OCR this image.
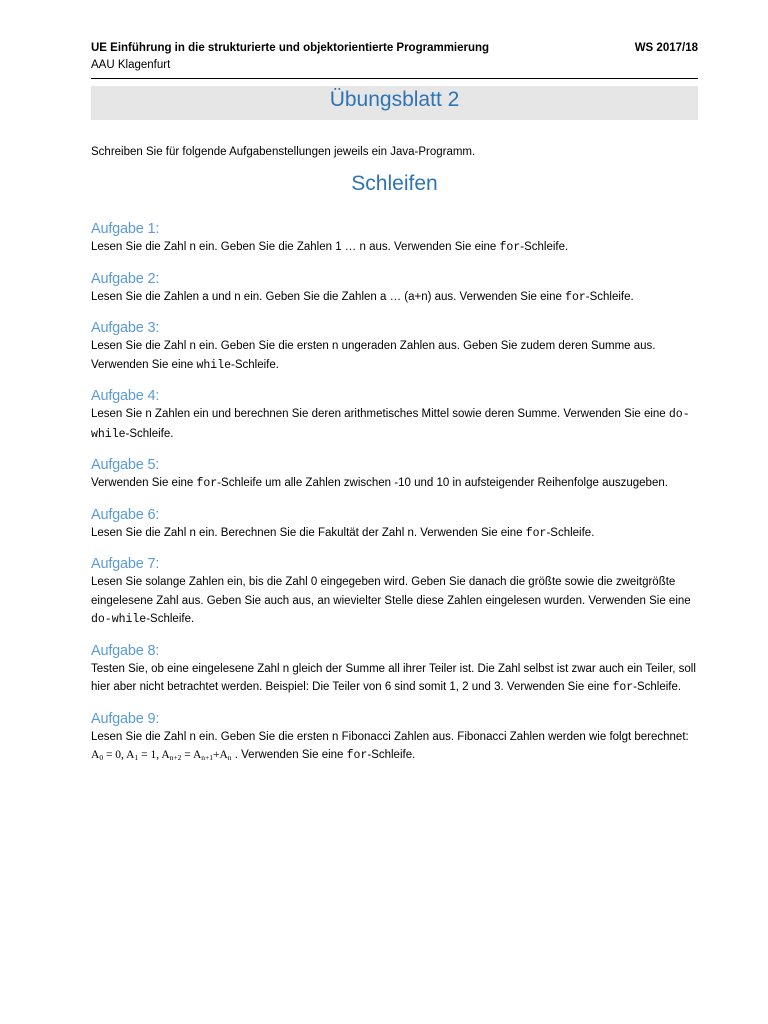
UE Einführung in die strukturierte und objektorientierte Programmierung	WS 2017/18
AAU Klagenfurt
Übungsblatt 2
Schreiben Sie für folgende Aufgabenstellungen jeweils ein Java-Programm.
Schleifen
Aufgabe 1:

Lesen Sie die Zahl n ein. Geben Sie die Zahlen 1 … n aus. Verwenden Sie eine for-Schleife.

Aufgabe 2:

Lesen Sie die Zahlen a und n ein. Geben Sie die Zahlen a … (a+n) aus. Verwenden Sie eine for-Schleife.

Aufgabe 3:

Lesen Sie die Zahl n ein. Geben Sie die ersten n ungeraden Zahlen aus. Geben Sie zudem deren Summe aus. Verwenden Sie eine while-Schleife.

Aufgabe 4:

Lesen Sie n Zahlen ein und berechnen Sie deren arithmetisches Mittel sowie deren Summe. Verwenden Sie eine do-while-Schleife.

Aufgabe 5:

Verwenden Sie eine for-Schleife um alle Zahlen zwischen -10 und 10 in aufsteigender Reihenfolge auszugeben.

Aufgabe 6:

Lesen Sie die Zahl n ein. Berechnen Sie die Fakultät der Zahl n. Verwenden Sie eine for-Schleife.

Aufgabe 7:

Lesen Sie solange Zahlen ein, bis die Zahl 0 eingegeben wird. Geben Sie danach die größte sowie die zweitgrößte eingelesene Zahl aus. Geben Sie auch aus, an wievielter Stelle diese Zahlen eingelesen wurden. Verwenden Sie eine do-while-Schleife.

Aufgabe 8:

Testen Sie, ob eine eingelesene Zahl n gleich der Summe all ihrer Teiler ist. Die Zahl selbst ist zwar auch ein Teiler, soll hier aber nicht betrachtet werden. Beispiel: Die Teiler von 6 sind somit 1, 2 und 3. Verwenden Sie eine for-Schleife.

Aufgabe 9:

Lesen Sie die Zahl n ein. Geben Sie die ersten n Fibonacci Zahlen aus. Fibonacci Zahlen werden wie folgt berechnet: $A_0 = 0$, $A_1 = 1$, $A_{n+2} = A_{n+1}+A_n$ . Verwenden Sie eine for-Schleife.
